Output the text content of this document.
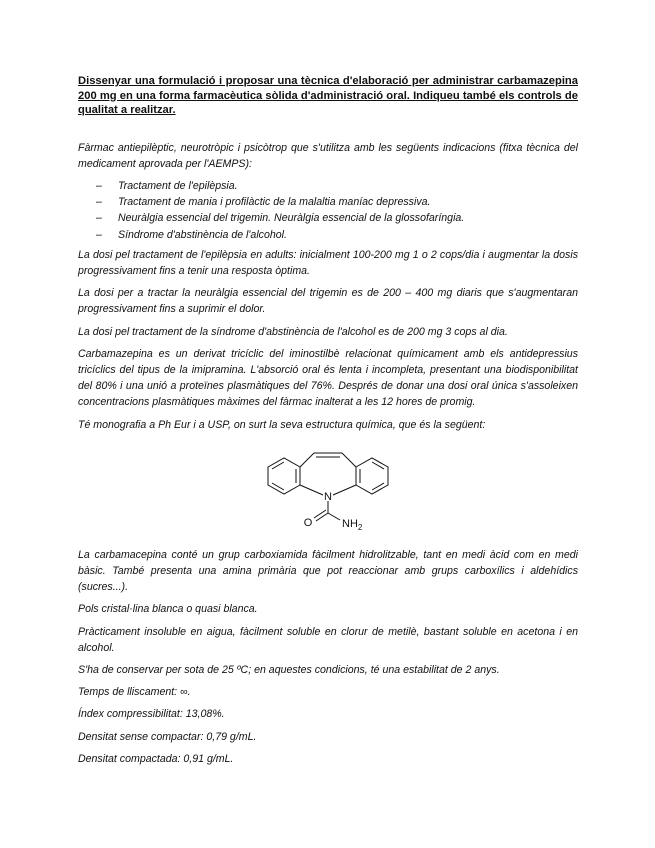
Dissenyar una formulació i proposar una tècnica d'elaboració per administrar carbamazepina 200 mg en una forma farmacèutica sòlida d'administració oral. Indiqueu també els controls de qualitat a realitzar.

Fàrmac antiepilèptic, neurotròpic i psicòtrop que s'utilitza amb les següents indicacions (fitxa tècnica del medicament aprovada per l'AEMPS):

– Tractament de l'epilèpsia.
– Tractament de mania i profilàctic de la malaltia maníac depressiva.
– Neuràlgia essencial del trigemin. Neuràlgia essencial de la glossofaríngia.
– Síndrome d'abstinència de l'alcohol.

La dosi pel tractament de l'epilèpsia en adults: inicialment 100-200 mg 1 o 2 cops/dia i augmentar la dosis progressivament fins a tenir una resposta òptima.

La dosi per a tractar la neuràlgia essencial del trigemin es de 200 – 400 mg diaris que s'augmentaran progressivament fins a suprimir el dolor.

La dosi pel tractament de la síndrome d'abstinència de l'alcohol es de 200 mg 3 cops al dia.

Carbamazepina es un derivat tricíclic del iminostilbè relacionat químicament amb els antidepressius tricíclics del tipus de la imipramina. L'absorció oral és lenta i incompleta, presentant una biodisponibilitat del 80% i una unió a proteïnes plasmàtiques del 76%. Després de donar una dosi oral única s'assoleixen concentracions plasmàtiques màximes del fàrmac inalterat a les 12 hores de promig.

Té monografia a Ph Eur i a USP, on surt la seva estructura química, que és la següent:

N
O	$NH_2$

La carbamacepina conté un grup carboxiamida fàcilment hidrolitzable, tant en medi àcid com en medi bàsic. També presenta una amina primària que pot reaccionar amb grups carboxílics i aldehídics (sucres...).

Pols cristal·lina blanca o quasi blanca.

Pràcticament insoluble en aigua, fàcilment soluble en clorur de metilè, bastant soluble en acetona i en alcohol.

S'ha de conservar per sota de 25 ºC; en aquestes condicions, té una estabilitat de 2 anys.

Temps de lliscament: ∞.

Índex compressibilitat: 13,08%.

Densitat sense compactar: 0,79 g/mL.

Densitat compactada: 0,91 g/mL.
